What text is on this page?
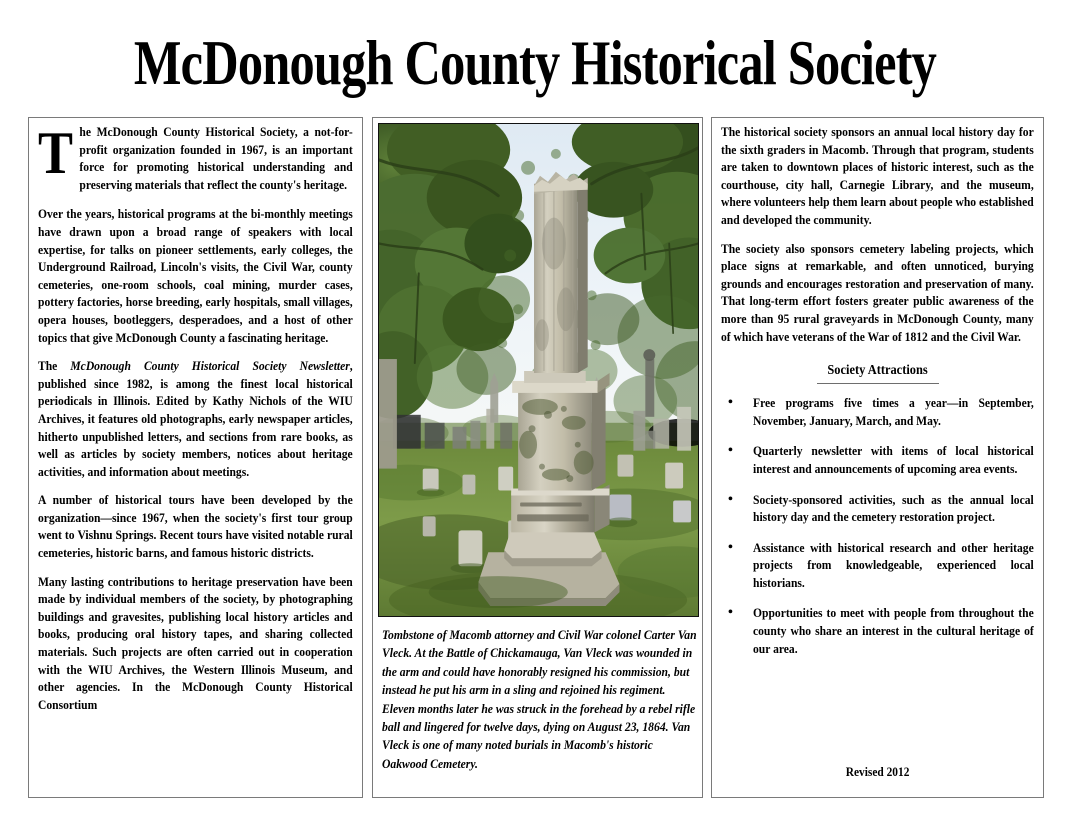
McDonough County Historical Society

The McDonough County Historical Society, a not-for-profit organization founded in 1967, is an important force for promoting historical understanding and preserving materials that reflect the county's heritage.

Over the years, historical programs at the bi-monthly meetings have drawn upon a broad range of speakers with local expertise, for talks on pioneer settlements, early colleges, the Underground Railroad, Lincoln's visits, the Civil War, county cemeteries, one-room schools, coal mining, murder cases, pottery factories, horse breeding, early hospitals, small villages, opera houses, bootleggers, desperadoes, and a host of other topics that give McDonough County a fascinating heritage.

The McDonough County Historical Society Newsletter, published since 1982, is among the finest local historical periodicals in Illinois. Edited by Kathy Nichols of the WIU Archives, it features old photographs, early newspaper articles, hitherto unpublished letters, and sections from rare books, as well as articles by society members, notices about heritage activities, and information about meetings.

A number of historical tours have been developed by the organization—since 1967, when the society's first tour group went to Vishnu Springs. Recent tours have visited notable rural cemeteries, historic barns, and famous historic districts.

Many lasting contributions to heritage preservation have been made by individual members of the society, by photographing buildings and gravesites, publishing local history articles and books, producing oral history tapes, and sharing collected materials. Such projects are often carried out in cooperation with the WIU Archives, the Western Illinois Museum, and other agencies. In the McDonough County Historical Consortium

Tombstone of Macomb attorney and Civil War colonel Carter Van Vleck. At the Battle of Chickamauga, Van Vleck was wounded in the arm and could have honorably resigned his commission, but instead he put his arm in a sling and rejoined his regiment. Eleven months later he was struck in the forehead by a rebel rifle ball and lingered for twelve days, dying on August 23, 1864. Van Vleck is one of many noted burials in Macomb's historic Oakwood Cemetery.

The historical society sponsors an annual local history day for the sixth graders in Macomb. Through that program, students are taken to downtown places of historic interest, such as the courthouse, city hall, Carnegie Library, and the museum, where volunteers help them learn about people who established and developed the community.

The society also sponsors cemetery labeling projects, which place signs at remarkable, and often unnoticed, burying grounds and encourages restoration and preservation of many. That long-term effort fosters greater public awareness of the more than 95 rural graveyards in McDonough County, many of which have veterans of the War of 1812 and the Civil War.

Society Attractions
• Free programs five times a year—in September, November, January, March, and May.
• Quarterly newsletter with items of local historical interest and announcements of upcoming area events.
• Society-sponsored activities, such as the annual local history day and the cemetery restoration project.
• Assistance with historical research and other heritage projects from knowledgeable, experienced local historians.
• Opportunities to meet with people from throughout the county who share an interest in the cultural heritage of our area.
Revised 2012
